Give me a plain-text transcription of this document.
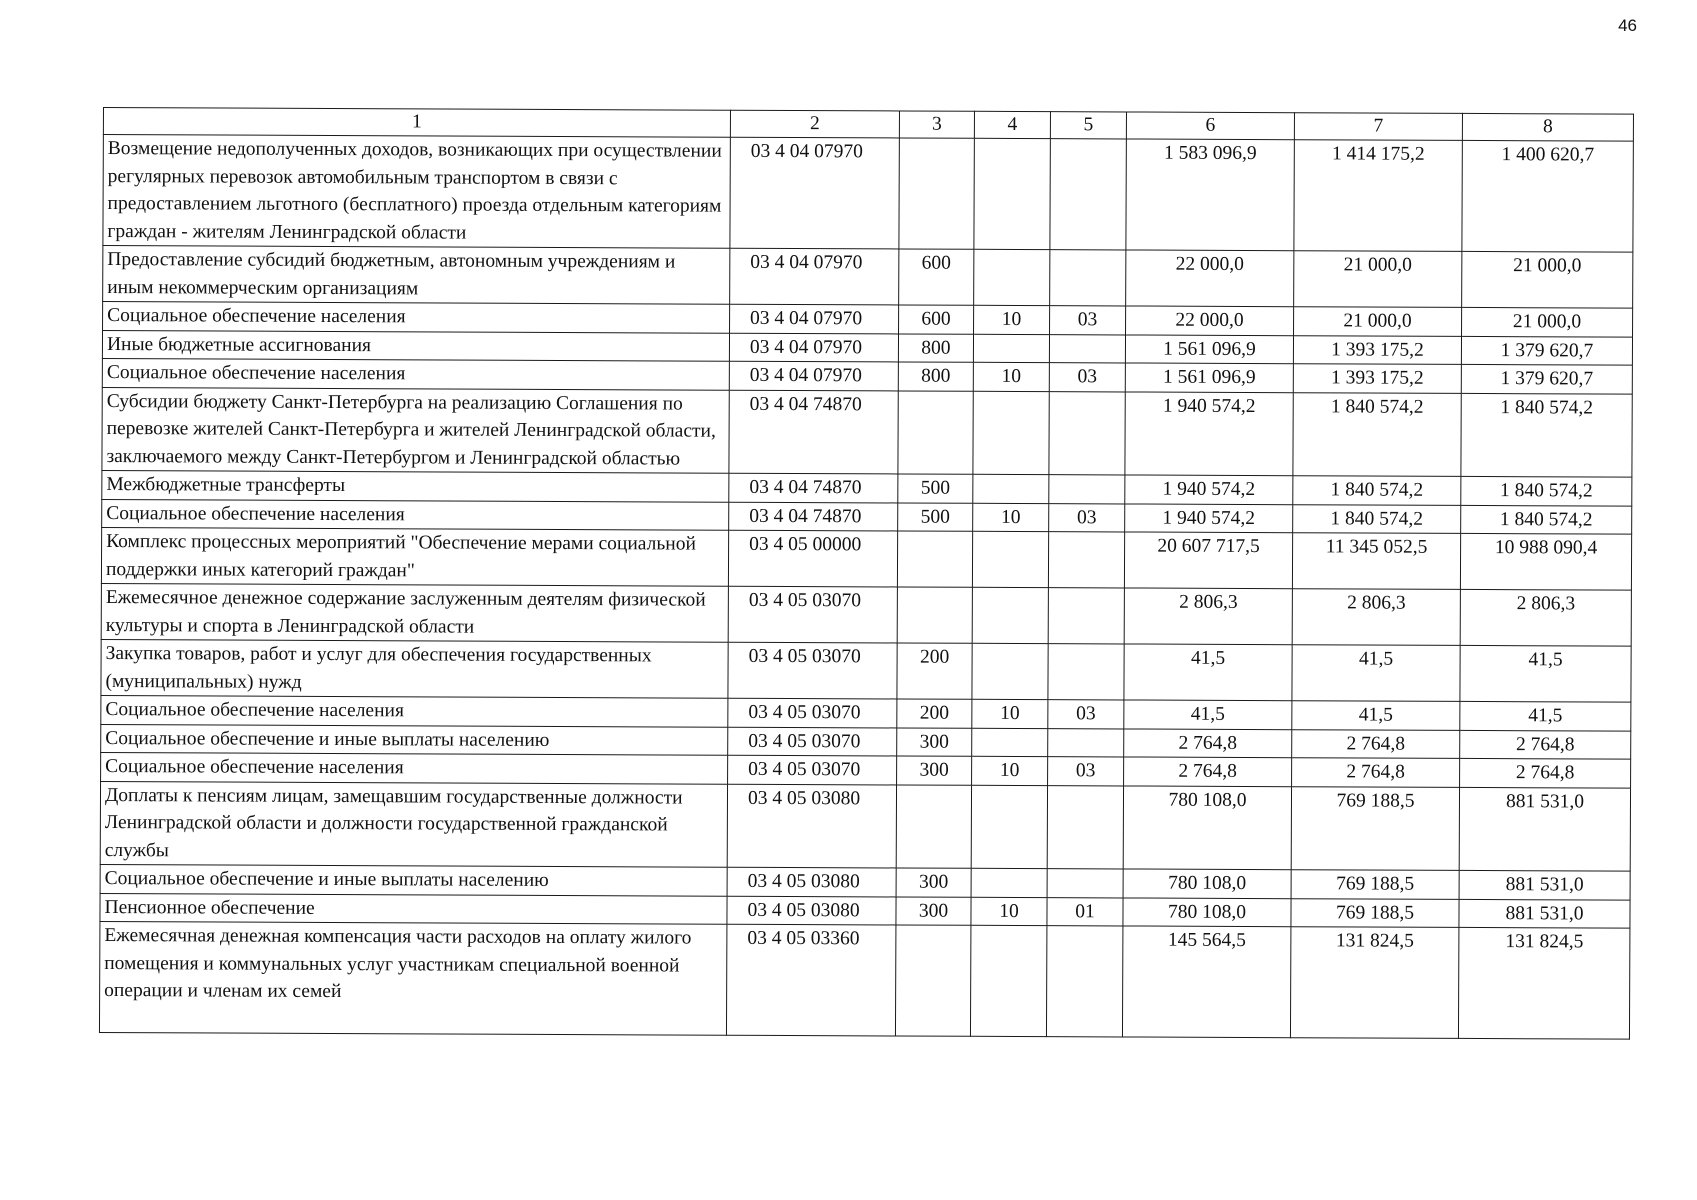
46
1	2	3	4	5	6	7	8
Возмещение недополученных доходов, возникающих при осуществлении регулярных перевозок автомобильным транспортом в связи с предоставлением льготного (бесплатного) проезда отдельным категориям граждан - жителям Ленинградской области	03 4 04 07970				1 583 096,9	1 414 175,2	1 400 620,7
Предоставление субсидий бюджетным, автономным учреждениям и иным некоммерческим организациям	03 4 04 07970	600			22 000,0	21 000,0	21 000,0
Социальное обеспечение населения	03 4 04 07970	600	10	03	22 000,0	21 000,0	21 000,0
Иные бюджетные ассигнования	03 4 04 07970	800			1 561 096,9	1 393 175,2	1 379 620,7
Социальное обеспечение населения	03 4 04 07970	800	10	03	1 561 096,9	1 393 175,2	1 379 620,7
Субсидии бюджету Санкт-Петербурга на реализацию Соглашения по перевозке жителей Санкт-Петербурга и жителей Ленинградской области, заключаемого между Санкт-Петербургом и Ленинградской областью	03 4 04 74870				1 940 574,2	1 840 574,2	1 840 574,2
Межбюджетные трансферты	03 4 04 74870	500			1 940 574,2	1 840 574,2	1 840 574,2
Социальное обеспечение населения	03 4 04 74870	500	10	03	1 940 574,2	1 840 574,2	1 840 574,2
Комплекс процессных мероприятий "Обеспечение мерами социальной поддержки иных категорий граждан"	03 4 05 00000				20 607 717,5	11 345 052,5	10 988 090,4
Ежемесячное денежное содержание заслуженным деятелям физической культуры и спорта в Ленинградской области	03 4 05 03070				2 806,3	2 806,3	2 806,3
Закупка товаров, работ и услуг для обеспечения государственных (муниципальных) нужд	03 4 05 03070	200			41,5	41,5	41,5
Социальное обеспечение населения	03 4 05 03070	200	10	03	41,5	41,5	41,5
Социальное обеспечение и иные выплаты населению	03 4 05 03070	300			2 764,8	2 764,8	2 764,8
Социальное обеспечение населения	03 4 05 03070	300	10	03	2 764,8	2 764,8	2 764,8
Доплаты к пенсиям лицам, замещавшим государственные должности Ленинградской области и должности государственной гражданской службы	03 4 05 03080				780 108,0	769 188,5	881 531,0
Социальное обеспечение и иные выплаты населению	03 4 05 03080	300			780 108,0	769 188,5	881 531,0
Пенсионное обеспечение	03 4 05 03080	300	10	01	780 108,0	769 188,5	881 531,0
Ежемесячная денежная компенсация части расходов на оплату жилого помещения и коммунальных услуг участникам специальной военной операции и членам их семей	03 4 05 03360				145 564,5	131 824,5	131 824,5
